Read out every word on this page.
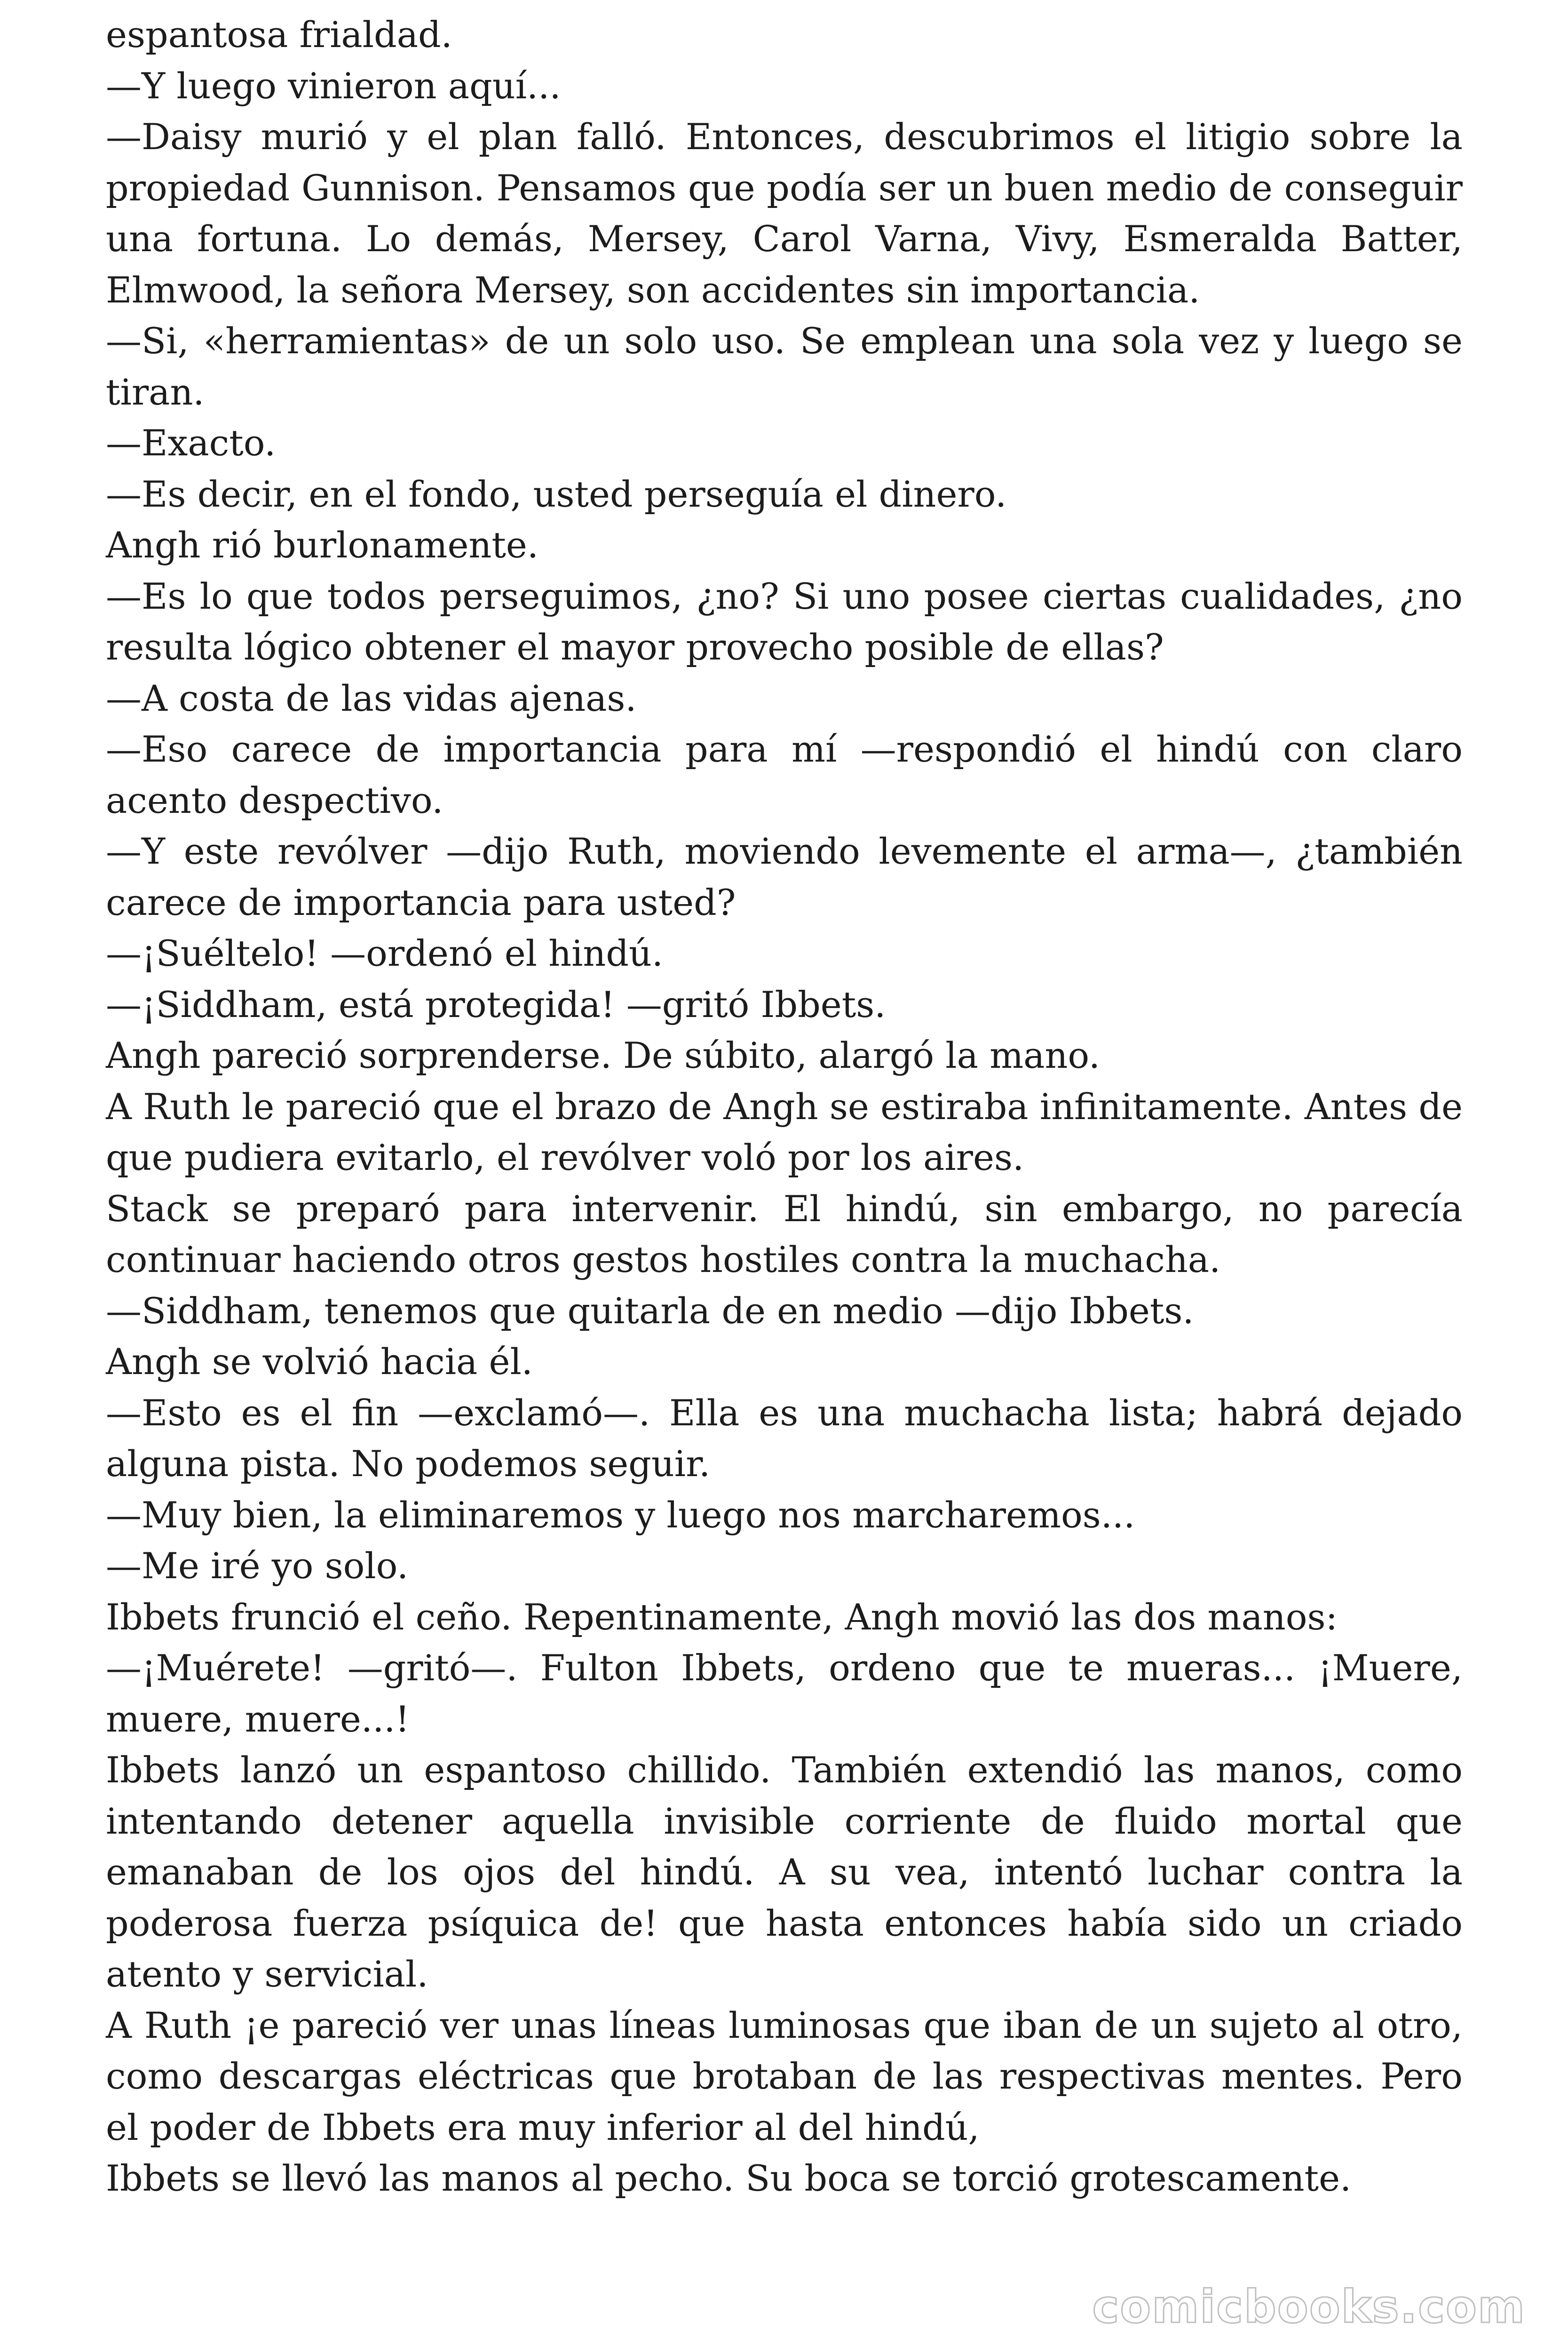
espantosa frialdad.

—Y luego vinieron aquí...

—Daisy murió y el plan falló. Entonces, descubrimos el litigio sobre la propiedad Gunnison. Pensamos que podía ser un buen medio de conseguir una fortuna. Lo demás, Mersey, Carol Varna, Vivy, Esmeralda Batter, Elmwood, la señora Mersey, son accidentes sin importancia.

—Si, «herramientas» de un solo uso. Se emplean una sola vez y luego se tiran.

—Exacto.

—Es decir, en el fondo, usted perseguía el dinero.

Angh rió burlonamente.

—Es lo que todos perseguimos, ¿no? Si uno posee ciertas cualidades, ¿no resulta lógico obtener el mayor provecho posible de ellas?

—A costa de las vidas ajenas.

—Eso carece de importancia para mí —respondió el hindú con claro acento despectivo.

—Y este revólver —dijo Ruth, moviendo levemente el arma—, ¿también carece de importancia para usted?

—¡Suéltelo! —ordenó el hindú.

—¡Siddham, está protegida! —gritó Ibbets.

Angh pareció sorprenderse. De súbito, alargó la mano.

A Ruth le pareció que el brazo de Angh se estiraba infinitamente. Antes de que pudiera evitarlo, el revólver voló por los aires.

Stack se preparó para intervenir. El hindú, sin embargo, no parecía continuar haciendo otros gestos hostiles contra la muchacha.

—Siddham, tenemos que quitarla de en medio —dijo Ibbets.

Angh se volvió hacia él.

—Esto es el fin —exclamó—. Ella es una muchacha lista; habrá dejado alguna pista. No podemos seguir.

—Muy bien, la eliminaremos y luego nos marcharemos...

—Me iré yo solo.

Ibbets frunció el ceño. Repentinamente, Angh movió las dos manos:

—¡Muérete! —gritó—. Fulton Ibbets, ordeno que te mueras... ¡Muere, muere, muere...!

Ibbets lanzó un espantoso chillido. También extendió las manos, como intentando detener aquella invisible corriente de fluido mortal que emanaban de los ojos del hindú. A su vea, intentó luchar contra la poderosa fuerza psíquica de! que hasta entonces había sido un criado atento y servicial.

A Ruth ¡e pareció ver unas líneas luminosas que iban de un sujeto al otro, como descargas eléctricas que brotaban de las respectivas mentes. Pero el poder de Ibbets era muy inferior al del hindú,

Ibbets se llevó las manos al pecho. Su boca se torció grotescamente.

comicbooks.com
